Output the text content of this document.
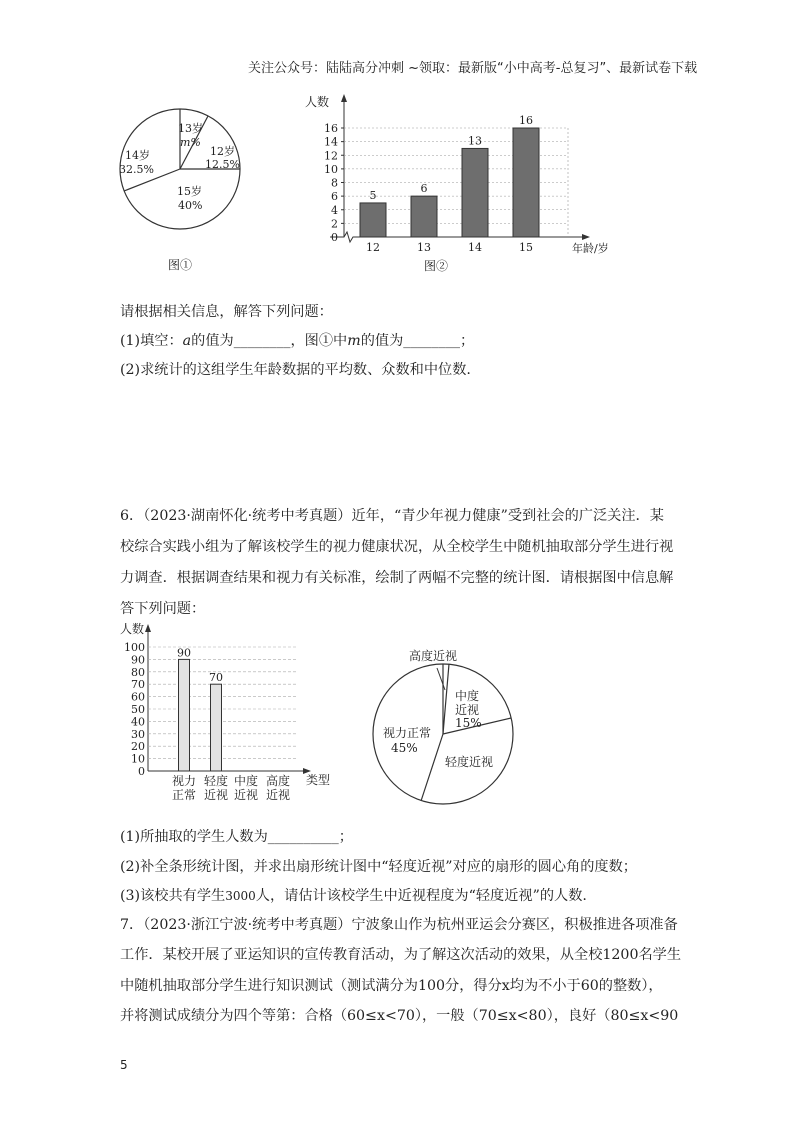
关注公众号：陆陆高分冲刺 ~领取：最新版“小中高考-总复习”、最新试卷下载
13岁
m%
12岁
12.5%
14岁
32.5%
15岁
40%
图①
人数
0
2
4
6
8
10
12
14
16
5
12
6
13
13
14
16
15	年龄/岁
图②
请根据相关信息，解答下列问题：
(1)填空：a的值为________，图①中m的值为________；
(2)求统计的这组学生年龄数据的平均数、众数和中位数.
6．（2023·湖南怀化·统考中考真题）近年，“青少年视力健康”受到社会的广泛关注．某
校综合实践小组为了解该校学生的视力健康状况，从全校学生中随机抽取部分学生进行视
力调查．根据调查结果和视力有关标准，绘制了两幅不完整的统计图．请根据图中信息解
答下列问题：
人数
0
10
20
30
40
50
60
70
80
90
100	90
70
视力
正常
轻度
近视
中度
近视
高度
近视
类型
高度近视
中度
近视
15%
视力正常
45%
轻度近视
(1)所抽取的学生人数为__________；
(2)补全条形统计图，并求出扇形统计图中“轻度近视”对应的扇形的圆心角的度数；
(3)该校共有学生3000人，请估计该校学生中近视程度为“轻度近视”的人数.
7．（2023·浙江宁波·统考中考真题）宁波象山作为杭州亚运会分赛区，积极推进各项准备
工作．某校开展了亚运知识的宣传教育活动，为了解这次活动的效果，从全校1200名学生
中随机抽取部分学生进行知识测试（测试满分为100分，得分x均为不小于60的整数），
并将测试成绩分为四个等第：合格（60≤x<70），一般（70≤x<80），良好（80≤x<90
5
